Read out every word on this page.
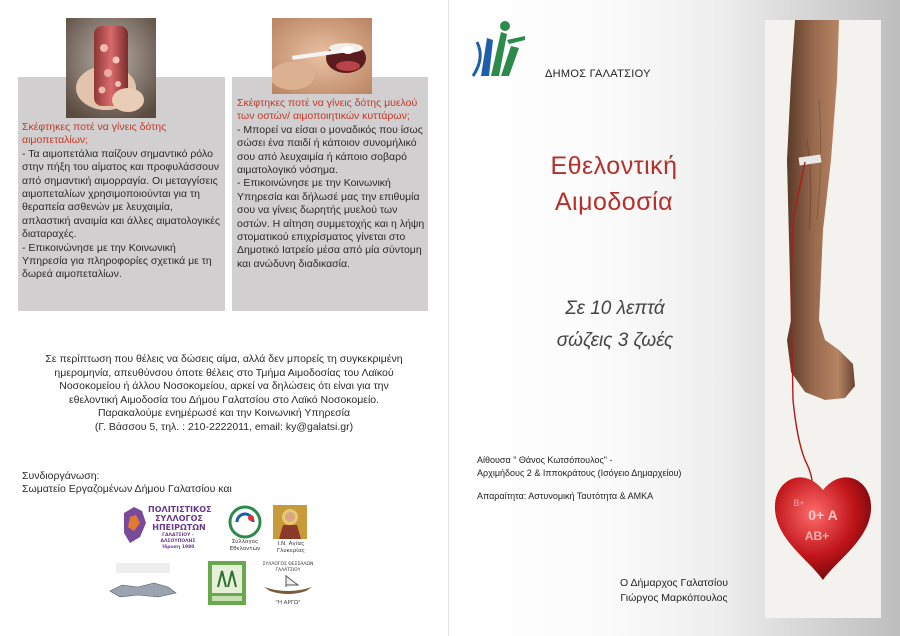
Σκέφτηκες ποτέ να γίνεις δότης αιμοπεταλίων;
- Τα αιμοπετάλια παίζουν σημαντικό ρόλο στην πήξη του αίματος και προφυλάσσουν από σημαντική αιμορραγία. Οι μεταγγίσεις αιμοπεταλίων χρησιμοποιούνται για τη θεραπεία ασθενών με λευχαιμία, απλαστική αναιμία και άλλες αιματολογικές διαταραχές.
- Επικοινώνησε με την Κοινωνική Υπηρεσία για πληροφορίες σχετικά με τη δωρεά αιμοπεταλίων.
Σκέφτηκες ποτέ να γίνεις δότης μυελού των οστών/ αιμοποιητικών κυττάρων;
- Μπορεί να είσαι ο μοναδικός που ίσως σώσει ένα παιδί ή κάποιον συνομήλικό σου από λευχαιμία ή κάποιο σοβαρό αιματολογικό νόσημα.
- Επικοινώνησε με την Κοινωνική Υπηρεσία και δήλωσέ μας την επιθυμία σου να γίνεις δωρητής μυελού των οστών. Η αίτηση συμμετοχής και η λήψη στοματικού επιχρίσματος γίνεται στο Δημοτικό Ιατρείο μέσα από μία σύντομη και ανώδυνη διαδικασία.
Σε περίπτωση που θέλεις να δώσεις αίμα, αλλά δεν μπορείς τη συγκεκριμένη
ημερομηνία, απευθύνσου όποτε θέλεις στο Τμήμα Αιμοδοσίας του Λαϊκού
Νοσοκομείου ή άλλου Νοσοκομείου, αρκεί να δηλώσεις ότι είναι για την
εθελοντική Αιμοδοσία του Δήμου Γαλατσίου στο Λαϊκό Νοσοκομείο.
Παρακαλούμε ενημέρωσέ και την Κοινωνική Υπηρεσία
(Γ. Βάσσου 5, τηλ. : 210-2222011, email: ky@galatsi.gr)
Συνδιοργάνωση:
Σωματείο Εργαζομένων Δήμου Γαλατσίου και
ΠΟΛΙΤΙΣΤΙΚΟΣ
ΣΥΛΛΟΓΟΣ
ΗΠΕΙΡΩΤΩΝ
ΓΑΛΑΤΣΙΟΥ - ΑΛΣΟΥΠΟΛΗΣ
Ίδρυση 1980
Σύλλογος
Εθελοντών
Ι.Ν. Αγίας
Γλυκερίας
ΣΥΛΛΟΓΟΣ ΘΕΣΣΑΛΩΝ
ΓΑΛΑΤΣΙΟΥ
"Η ΑΡΓΩ"
ΔΗΜΟΣ ΓΑΛΑΤΣΙΟΥ
Εθελοντική
Αιμοδοσία
Σε 10 λεπτά
σώζεις 3 ζωές
Αίθουσα " Θάνος Κωτσόπουλος" -
Αρχιμήδους 2 & Ιπποκράτους (Ισόγειο Δημαρχείου)
Απαραίτητα: Αστυνομική Ταυτότητα & ΑΜΚΑ
Ο Δήμαρχος Γαλατσίου
Γιώργος Μαρκόπουλος
0+ A
AB+
B+
